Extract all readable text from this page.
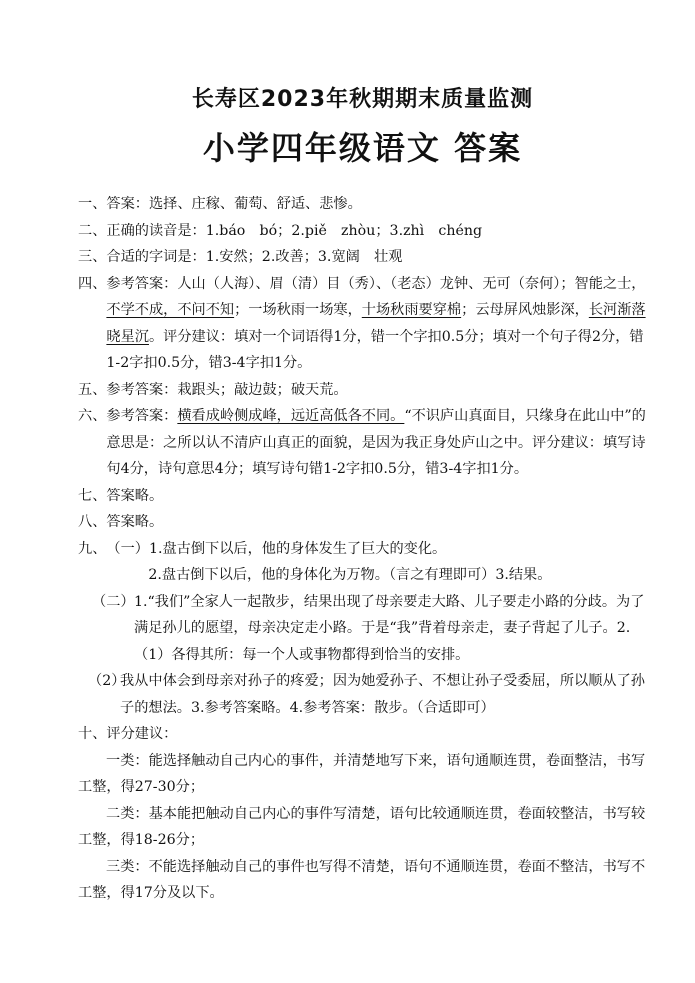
长寿区2023年秋期期末质量监测
小学四年级语文 答案
一、 答案：选择、庄稼、葡萄、舒适、悲惨。
二、 正确的读音是：1.báo　bó；2.piě　zhòu；3.zhì　chéng
三、 合适的字词是：1.安然；2.改善；3.宽阔　壮观
四、 参考答案：人山（人海）、眉（清）目（秀）、（老态）龙钟、无可（奈何）；智能之士，不学不成，不问不知；一场秋雨一场寒，十场秋雨要穿棉；云母屏风烛影深，长河渐落晓星沉。评分建议：填对一个词语得1分，错一个字扣0.5分；填对一个句子得2分，错1-2字扣0.5分，错3-4字扣1分。
五、 参考答案：栽跟头；敲边鼓；破天荒。
六、 参考答案：横看成岭侧成峰，远近高低各不同。“不识庐山真面目，只缘身在此山中”的意思是：之所以认不清庐山真正的面貌，是因为我正身处庐山之中。评分建议：填写诗句4分，诗句意思4分；填写诗句错1-2字扣0.5分，错3-4字扣1分。
七、 答案略。
八、 答案略。
九、 （一）1.盘古倒下以后，他的身体发生了巨大的变化。
2.盘古倒下以后，他的身体化为万物。（言之有理即可）3.结果。
（二） 1.“我们”全家人一起散步，结果出现了母亲要走大路、儿子要走小路的分歧。为了满足孙儿的愿望，母亲决定走小路。于是“我”背着母亲走，妻子背起了儿子。2.（1）各得其所：每一个人或事物都得到恰当的安排。
（2）
我从中体会到母亲对孙子的疼爱；因为她爱孙子、不想让孙子受委屈，所以顺从了孙子的想法。3.参考答案略。4.参考答案：散步。（合适即可）
十、 评分建议：

一类：能选择触动自己内心的事件，并清楚地写下来，语句通顺连贯，卷面整洁，书写工整，得27-30分；

二类：基本能把触动自己内心的事件写清楚，语句比较通顺连贯，卷面较整洁，书写较工整，得18-26分；

三类：不能选择触动自己的事件也写得不清楚，语句不通顺连贯，卷面不整洁，书写不工整，得17分及以下。
